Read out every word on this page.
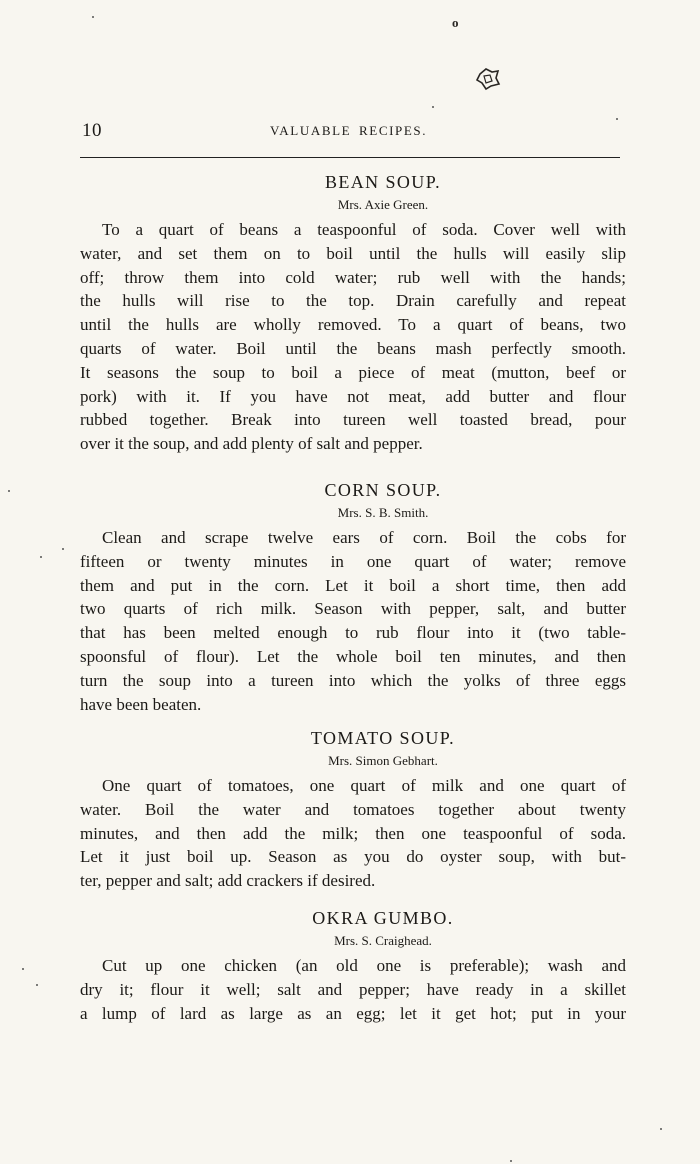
o
10	VALUABLE RECIPES.
BEAN SOUP.
Mrs. Axie Green.
To a quart of beans a teaspoonful of soda. Cover well with
water, and set them on to boil until the hulls will easily slip
off; throw them into cold water; rub well with the hands;
the hulls will rise to the top. Drain carefully and repeat
until the hulls are wholly removed. To a quart of beans, two
quarts of water. Boil until the beans mash perfectly smooth.
It seasons the soup to boil a piece of meat (mutton, beef or
pork) with it. If you have not meat, add butter and flour
rubbed together. Break into tureen well toasted bread, pour
over it the soup, and add plenty of salt and pepper.
CORN SOUP.
Mrs. S. B. Smith.
Clean and scrape twelve ears of corn. Boil the cobs for
fifteen or twenty minutes in one quart of water; remove
them and put in the corn. Let it boil a short time, then add
two quarts of rich milk. Season with pepper, salt, and butter
that has been melted enough to rub flour into it (two table-
spoonsful of flour). Let the whole boil ten minutes, and then
turn the soup into a tureen into which the yolks of three eggs
have been beaten.
TOMATO SOUP.
Mrs. Simon Gebhart.
One quart of tomatoes, one quart of milk and one quart of
water. Boil the water and tomatoes together about twenty
minutes, and then add the milk; then one teaspoonful of soda.
Let it just boil up. Season as you do oyster soup, with but-
ter, pepper and salt; add crackers if desired.
OKRA GUMBO.
Mrs. S. Craighead.
Cut up one chicken (an old one is preferable); wash and
dry it; flour it well; salt and pepper; have ready in a skillet
a lump of lard as large as an egg; let it get hot; put in your
